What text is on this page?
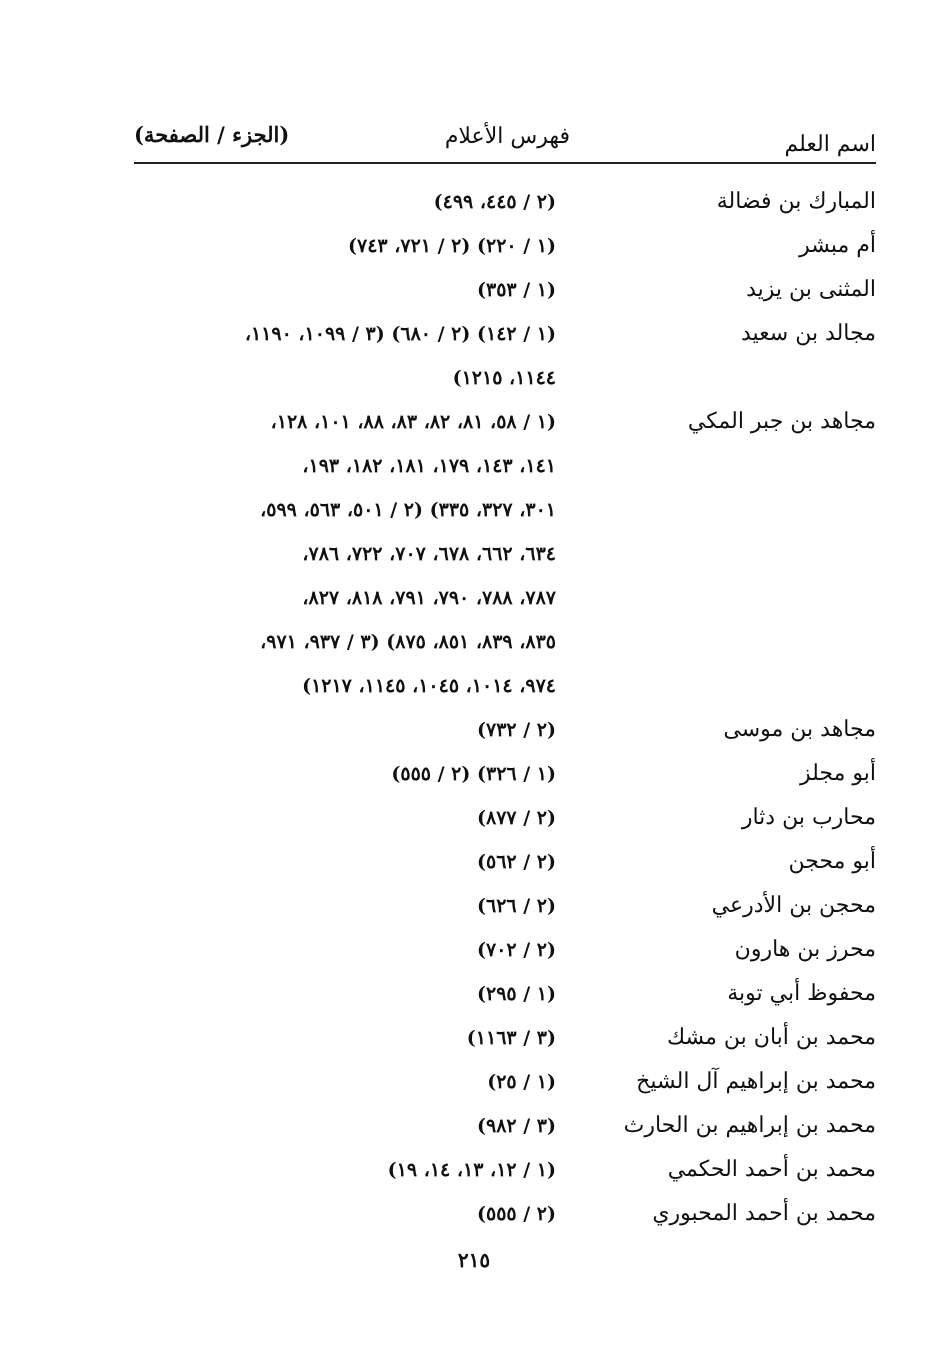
اسم العلم
فهرس الأعلام
(الجزء / الصفحة)
المبارك بن فضالة
(٢ / ٤٤٥، ٤٩٩)
أم مبشر
(١ / ٢٢٠) (٢ / ٧٢١، ٧٤٣)
المثنى بن يزيد
(١ / ٣٥٣)
مجالد بن سعيد
(١ / ١٤٢) (٢ / ٦٨٠) (٣ / ١٠٩٩، ١١٩٠،
١١٤٤، ١٢١٥)
مجاهد بن جبر المكي
(١ / ٥٨، ٨١، ٨٢، ٨٣، ٨٨، ١٠١، ١٢٨،
١٤١، ١٤٣، ١٧٩، ١٨١، ١٨٢، ١٩٣،
٣٠١، ٣٢٧، ٣٣٥) (٢ / ٥٠١، ٥٦٣، ٥٩٩،
٦٣٤، ٦٦٢، ٦٧٨، ٧٠٧، ٧٢٢، ٧٨٦،
٧٨٧، ٧٨٨، ٧٩٠، ٧٩١، ٨١٨، ٨٢٧،
٨٣٥، ٨٣٩، ٨٥١، ٨٧٥) (٣ / ٩٣٧، ٩٧١،
٩٧٤، ١٠١٤، ١٠٤٥، ١١٤٥، ١٢١٧)
مجاهد بن موسى
(٢ / ٧٣٢)
أبو مجلز
(١ / ٣٢٦) (٢ / ٥٥٥)
محارب بن دثار
(٢ / ٨٧٧)
أبو محجن
(٢ / ٥٦٢)
محجن بن الأدرعي
(٢ / ٦٢٦)
محرز بن هارون
(٢ / ٧٠٢)
محفوظ أبي توبة
(١ / ٢٩٥)
محمد بن أبان بن مشك
(٣ / ١١٦٣)
محمد بن إبراهيم آل الشيخ
(١ / ٢٥)
محمد بن إبراهيم بن الحارث
(٣ / ٩٨٢)
محمد بن أحمد الحكمي
(١ / ١٢، ١٣، ١٤، ١٩)
محمد بن أحمد المحبوري
(٢ / ٥٥٥)
٢١٥
